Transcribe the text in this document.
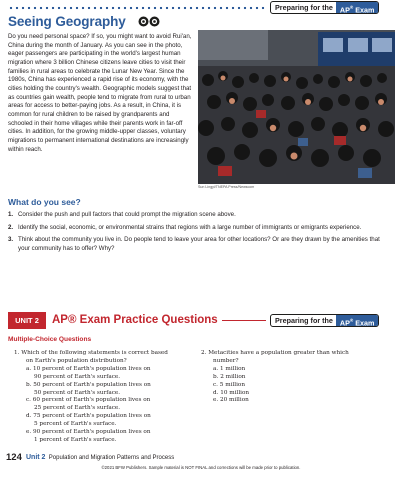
Preparing for the AP® Exam
Seeing Geography
Do you need personal space? If so, you might want to avoid Rui'an, China during the month of January. As you can see in the photo, eager passengers are participating in the world's largest human migration where 3 billion Chinese citizens leave cities to visit their families in rural areas to celebrate the Lunar New Year. Since the 1980s, China has experienced a rapid rise of its economy, with the cities holding the country's wealth. Geographic models suggest that as countries gain wealth, people tend to migrate from rural to urban areas for access to better-paying jobs. As a result, in China, it is common for rural children to be raised by grandparents and schooled in their home villages while their parents work in far-off cities. In addition, for the growing middle-upper classes, voluntary migrations to permanent international destinations are increasingly within reach.
Sun Lingyi/TNEPA Press/Newscom
What do you see?
1. Consider the push and pull factors that could prompt the migration scene above.
2. Identify the social, economic, or environmental strains that regions with a large number of immigrants or emigrants experience.
3. Think about the community you live in. Do people tend to leave your area for other locations? Or are they drawn by the amenities that your community has to offer? Why?
UNIT 2	AP® Exam Practice Questions	Preparing for the AP® Exam
Multiple-Choice Questions
1. Which of the following statements is correct based
on Earth's population distribution?
a. 10 percent of Earth's population lives on
90 percent of Earth's surface.
b. 50 percent of Earth's population lives on
50 percent of Earth's surface.
c. 60 percent of Earth's population lives on
25 percent of Earth's surface.
d. 75 percent of Earth's population lives on
5 percent of Earth's surface.
e. 90 percent of Earth's population lives on
1 percent of Earth's surface.
2. Metacities have a population greater than which
number?
a. 1 million
b. 2 million
c. 5 million
d. 10 million
e. 20 million
124 Unit 2 Population and Migration Patterns and Process
©2021 BFW Publishers. Sample material is NOT FINAL and corrections will be made prior to publication.
